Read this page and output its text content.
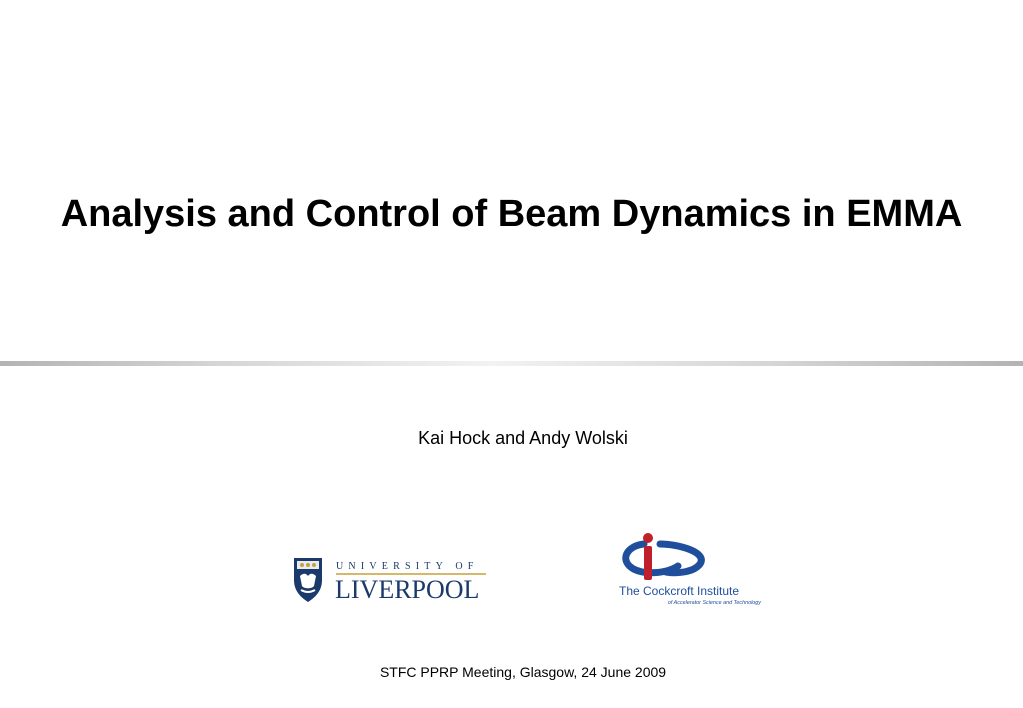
Analysis and Control of Beam Dynamics in EMMA
Kai Hock and Andy Wolski
UNIVERSITY OF
LIVERPOOL	The Cockcroft Institute
of Accelerator Science and Technology
STFC PPRP Meeting, Glasgow, 24 June 2009
